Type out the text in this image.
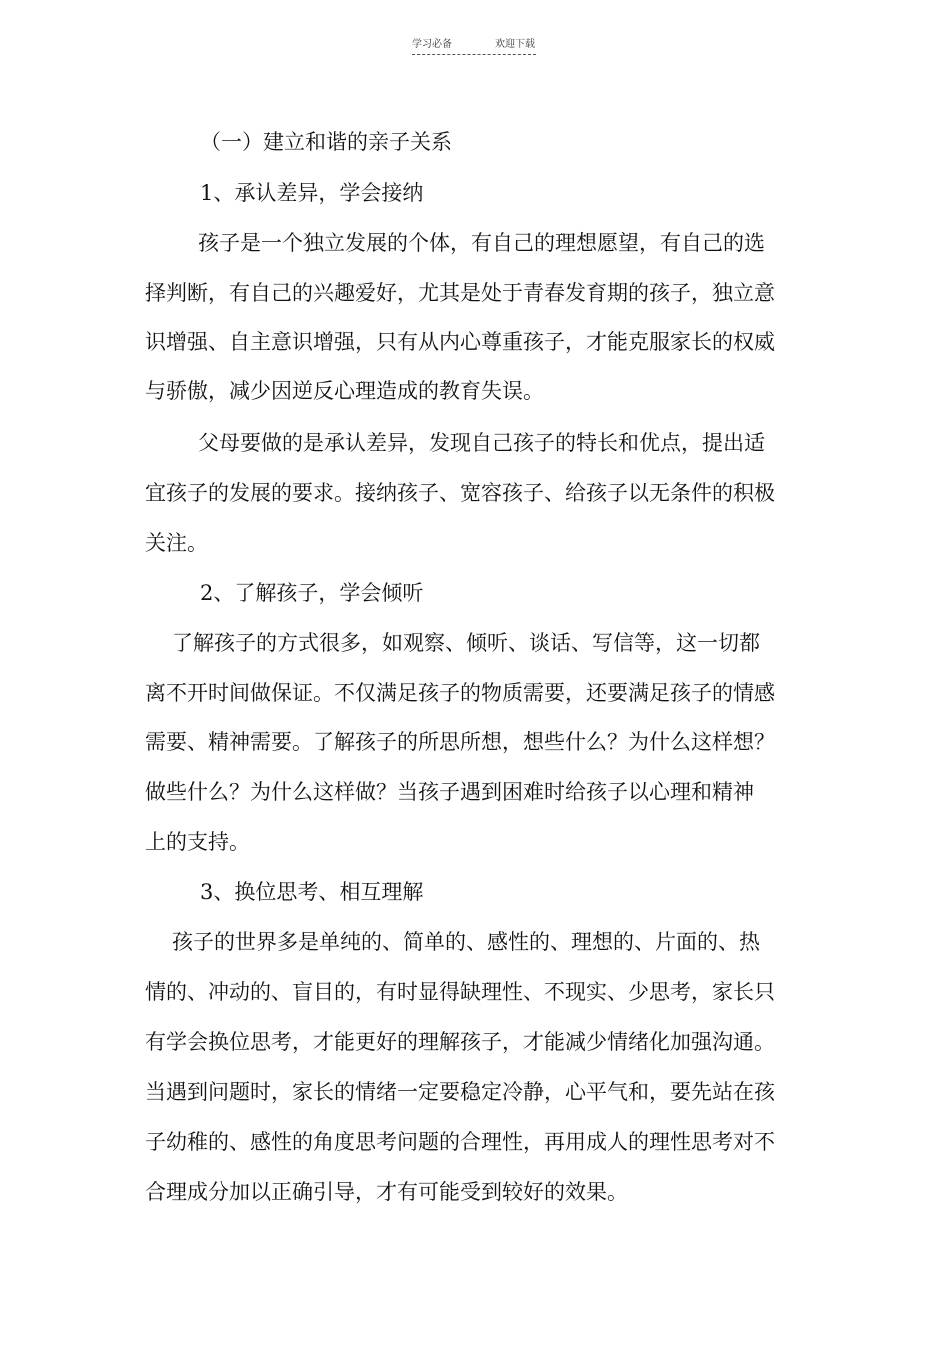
学习必备	欢迎下载
（一）建立和谐的亲子关系
1、承认差异，学会接纳
孩子是一个独立发展的个体，有自己的理想愿望，有自己的选
择判断，有自己的兴趣爱好，尤其是处于青春发育期的孩子，独立意
识增强、自主意识增强，只有从内心尊重孩子，才能克服家长的权威
与骄傲，减少因逆反心理造成的教育失误。
父母要做的是承认差异，发现自己孩子的特长和优点，提出适
宜孩子的发展的要求。接纳孩子、宽容孩子、给孩子以无条件的积极
关注。
2、了解孩子，学会倾听
了解孩子的方式很多，如观察、倾听、谈话、写信等，这一切都
离不开时间做保证。不仅满足孩子的物质需要，还要满足孩子的情感
需要、精神需要。了解孩子的所思所想，想些什么？为什么这样想？
做些什么？为什么这样做？当孩子遇到困难时给孩子以心理和精神
上的支持。
3、换位思考、相互理解
孩子的世界多是单纯的、简单的、感性的、理想的、片面的、热
情的、冲动的、盲目的，有时显得缺理性、不现实、少思考，家长只
有学会换位思考，才能更好的理解孩子，才能减少情绪化加强沟通。
当遇到问题时，家长的情绪一定要稳定冷静，心平气和，要先站在孩
子幼稚的、感性的角度思考问题的合理性，再用成人的理性思考对不
合理成分加以正确引导，才有可能受到较好的效果。
